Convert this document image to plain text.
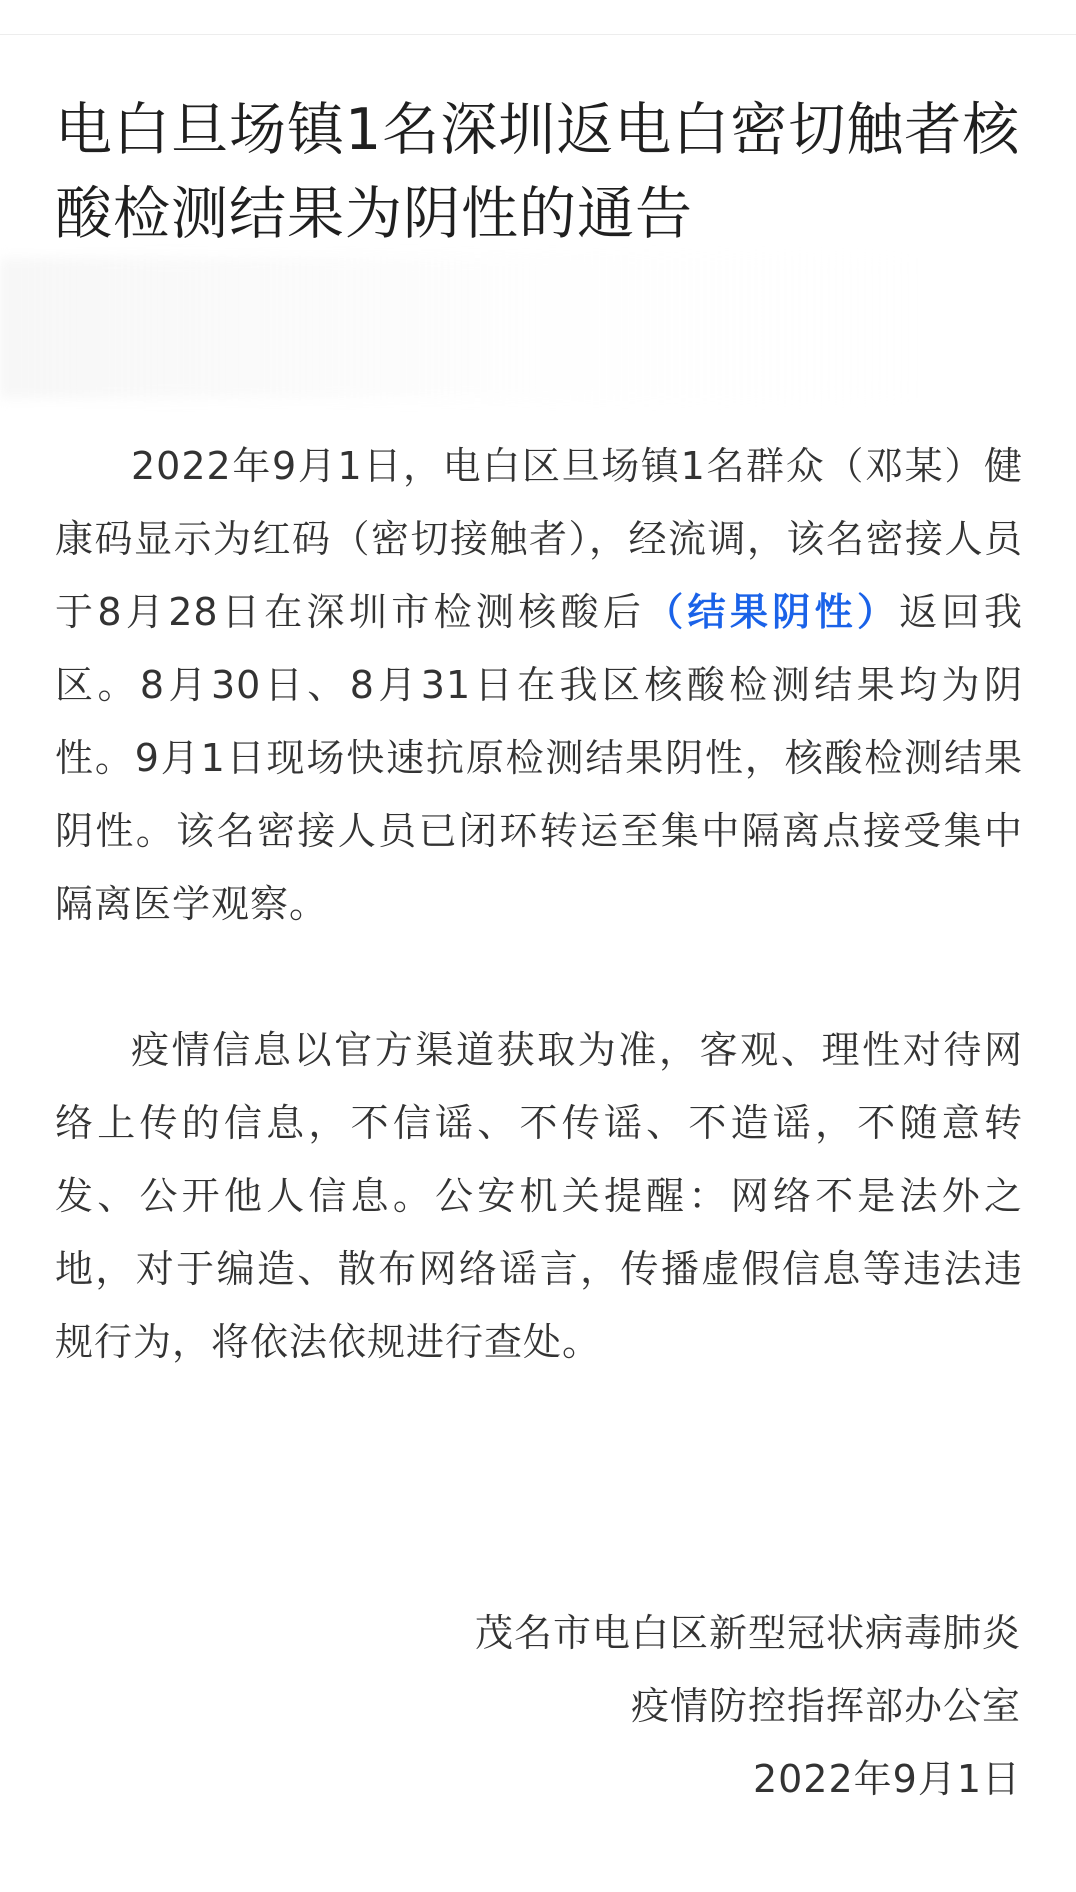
电白旦场镇1名深圳返电白密切触者核酸检测结果为阴性的通告

2022年9月1日，电白区旦场镇1名群众（邓某）健康码显示为红码（密切接触者），经流调，该名密接人员于8月28日在深圳市检测核酸后（结果阴性）返回我区。8月30日、8月31日在我区核酸检测结果均为阴性。9月1日现场快速抗原检测结果阴性，核酸检测结果阴性。该名密接人员已闭环转运至集中隔离点接受集中隔离医学观察。

疫情信息以官方渠道获取为准，客观、理性对待网络上传的信息，不信谣、不传谣、不造谣，不随意转发、公开他人信息。公安机关提醒：网络不是法外之地，对于编造、散布网络谣言，传播虚假信息等违法违规行为，将依法依规进行查处。

茂名市电白区新型冠状病毒肺炎
疫情防控指挥部办公室
2022年9月1日
